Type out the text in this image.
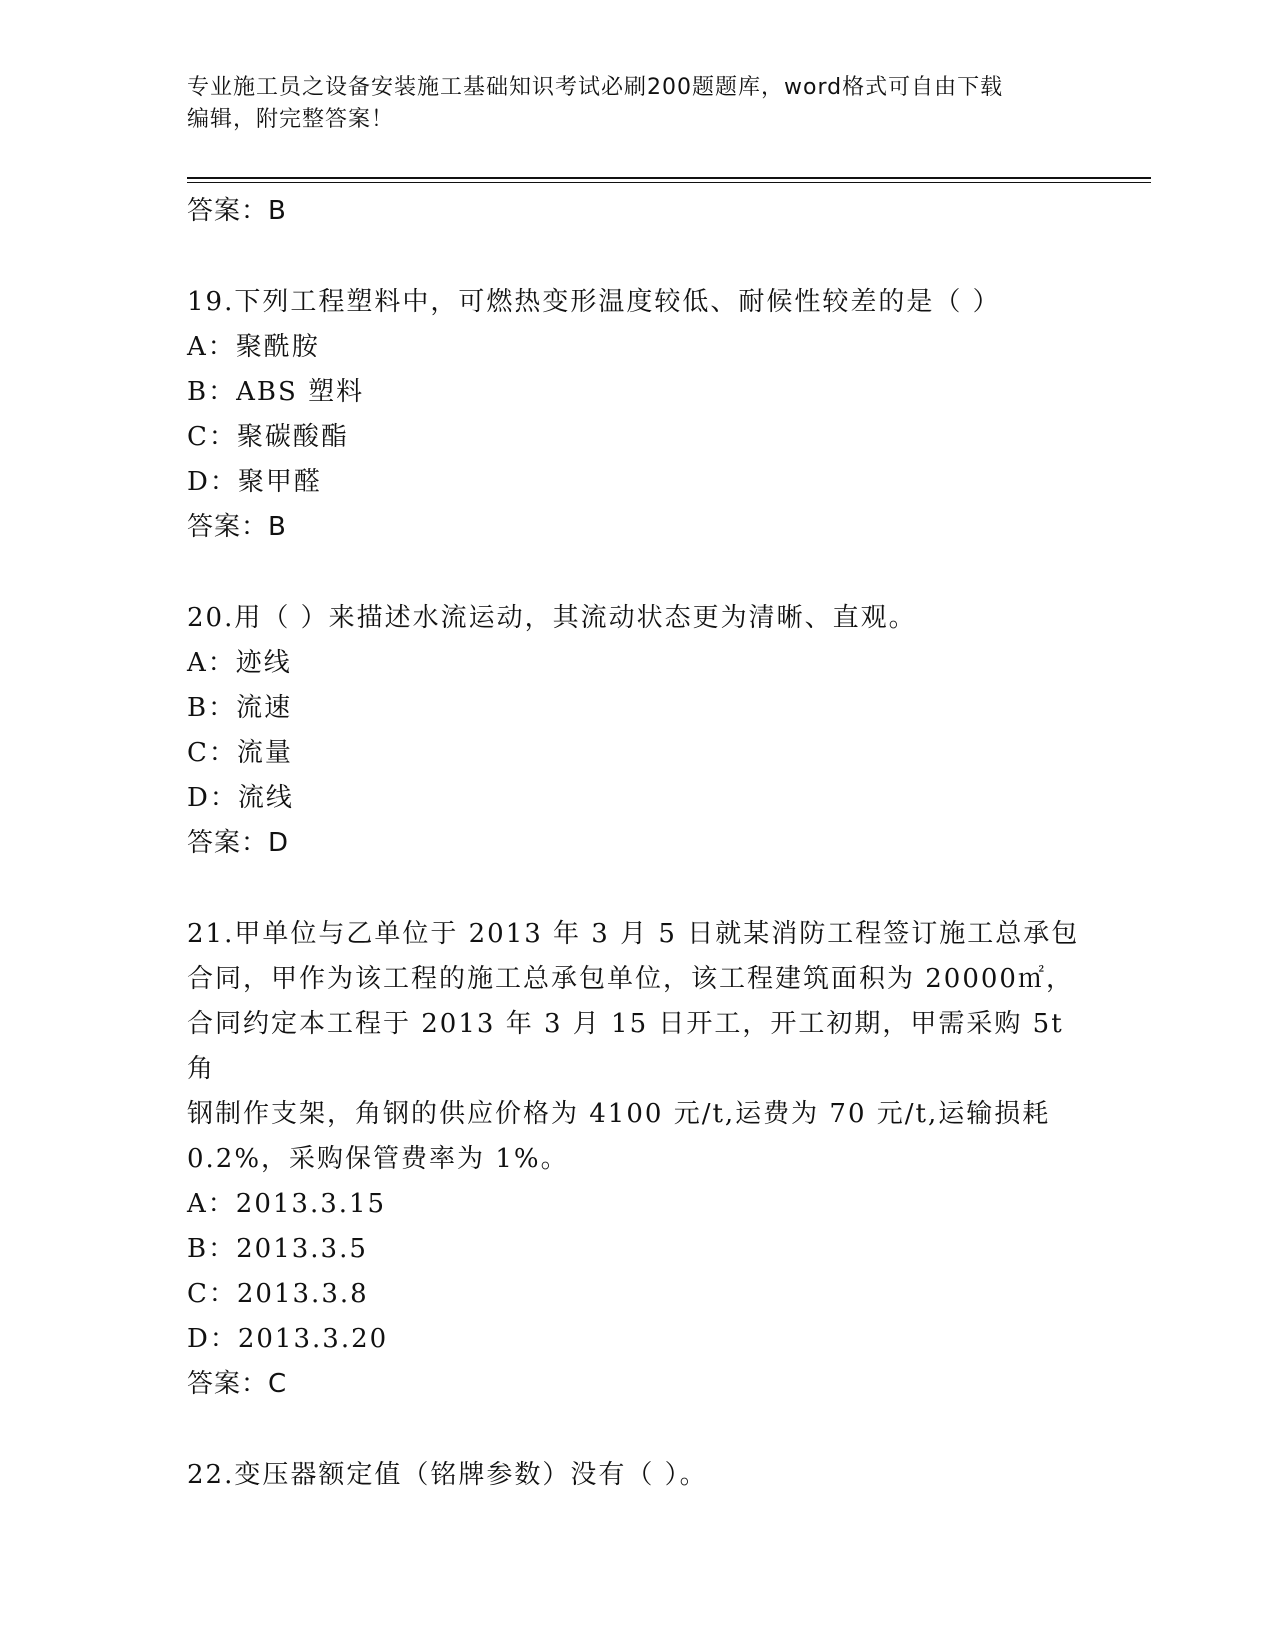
专业施工员之设备安装施工基础知识考试必刷200题题库，word格式可自由下载
编辑，附完整答案！
答案：B
19.下列工程塑料中，可燃热变形温度较低、耐候性较差的是（ ）
A：聚酰胺
B：ABS 塑料
C：聚碳酸酯
D：聚甲醛
答案：B
20.用（ ）来描述水流运动，其流动状态更为清晰、直观。
A：迹线
B：流速
C：流量
D：流线
答案：D
21.甲单位与乙单位于 2013 年 3 月 5 日就某消防工程签订施工总承包
合同，甲作为该工程的施工总承包单位，该工程建筑面积为 20000㎡，
合同约定本工程于 2013 年 3 月 15 日开工，开工初期，甲需采购 5t 角
钢制作支架，角钢的供应价格为 4100 元/t,运费为 70 元/t,运输损耗
0.2%，采购保管费率为 1%。
A：2013.3.15
B：2013.3.5
C：2013.3.8
D：2013.3.20
答案：C
22.变压器额定值（铭牌参数）没有（ ）。
